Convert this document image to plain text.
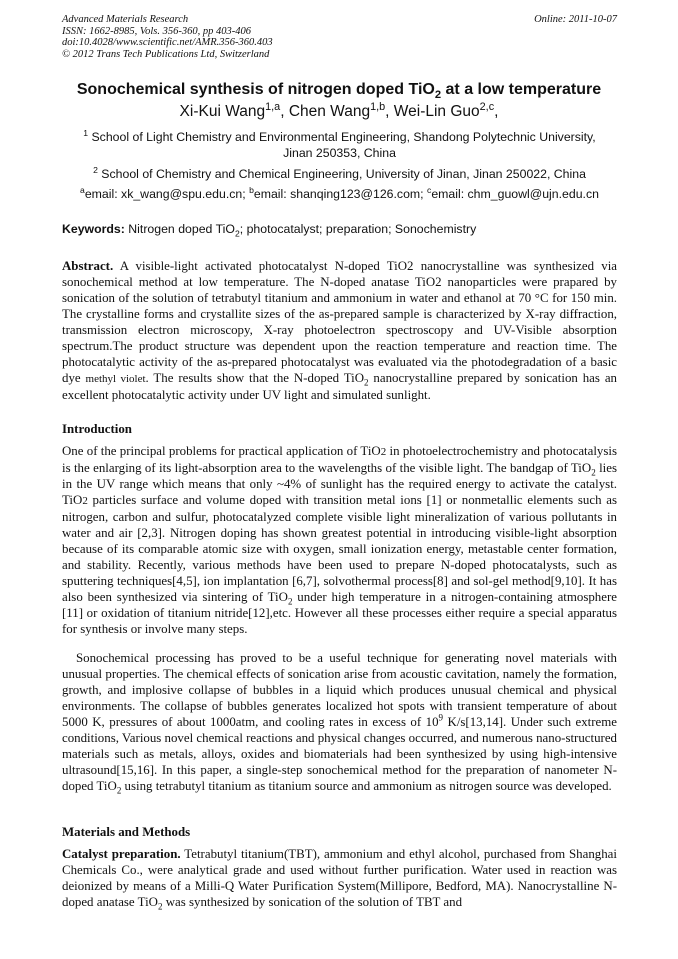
Advanced Materials Research
ISSN: 1662-8985, Vols. 356-360, pp 403-406
doi:10.4028/www.scientific.net/AMR.356-360.403
© 2012 Trans Tech Publications Ltd, Switzerland
Online: 2011-10-07
Sonochemical synthesis of nitrogen doped TiO$_2$ at a low temperature
Xi-Kui Wang$^{1,a}$, Chen Wang$^{1,b}$, Wei-Lin Guo$^{2,c}$,
$^1$ School of Light Chemistry and Environmental Engineering, Shandong Polytechnic University,
Jinan 250353, China
$^2$ School of Chemistry and Chemical Engineering, University of Jinan, Jinan 250022, China
$^a$email: xk_wang@spu.edu.cn; $^b$email: shanqing123@126.com; $^c$email: chm_guowl@ujn.edu.cn
Keywords: Nitrogen doped TiO$_2$; photocatalyst; preparation; Sonochemistry
Abstract. A visible-light activated photocatalyst N-doped TiO2 nanocrystalline was synthesized via sonochemical method at low temperature. The N-doped anatase TiO2 nanoparticles were prapared by sonication of the solution of tetrabutyl titanium and ammonium in water and ethanol at 70 °C for 150 min. The crystalline forms and crystallite sizes of the as-prepared sample is characterized by X-ray diffraction, transmission electron microscopy, X-ray photoelectron spectroscopy and UV-Visible absorption spectrum.The product structure was dependent upon the reaction temperature and reaction time. The photocatalytic activity of the as-prepared photocatalyst was evaluated via the photodegradation of a basic dye methyl violet. The results show that the N-doped TiO$_2$ nanocrystalline prepared by sonication has an excellent photocatalytic activity under UV light and simulated sunlight.
Introduction
One of the principal problems for practical application of TiO2 in photoelectrochemistry and photocatalysis is the enlarging of its light-absorption area to the wavelengths of the visible light. The bandgap of TiO$_2$ lies in the UV range which means that only ~4% of sunlight has the required energy to activate the catalyst. TiO2 particles surface and volume doped with transition metal ions [1] or nonmetallic elements such as nitrogen, carbon and sulfur, photocatalyzed complete visible light mineralization of various pollutants in water and air [2,3]. Nitrogen doping has shown greatest potential in introducing visible-light absorption because of its comparable atomic size with oxygen, small ionization energy, metastable center formation, and stability. Recently, various methods have been used to prepare N-doped photocatalysts, such as sputtering techniques[4,5], ion implantation [6,7], solvothermal process[8] and sol-gel method[9,10]. It has also been synthesized via sintering of TiO$_2$ under high temperature in a nitrogen-containing atmosphere [11] or oxidation of titanium nitride[12],etc. However all these processes either require a special apparatus for synthesis or involve many steps.
Sonochemical processing has proved to be a useful technique for generating novel materials with unusual properties. The chemical effects of sonication arise from acoustic cavitation, namely the formation, growth, and implosive collapse of bubbles in a liquid which produces unusual chemical and physical environments. The collapse of bubbles generates localized hot spots with transient temperature of about 5000 K, pressures of about 1000atm, and cooling rates in excess of $10^9$ K/s[13,14]. Under such extreme conditions, Various novel chemical reactions and physical changes occurred, and numerous nano-structured materials such as metals, alloys, oxides and biomaterials had been synthesized by using high-intensive ultrasound[15,16]. In this paper, a single-step sonochemical method for the preparation of nanometer N-doped TiO$_2$ using tetrabutyl titanium as titanium source and ammonium as nitrogen source was developed.
Materials and Methods
Catalyst preparation. Tetrabutyl titanium(TBT), ammonium and ethyl alcohol, purchased from Shanghai Chemicals Co., were analytical grade and used without further purification. Water used in reaction was deionized by means of a Milli-Q Water Purification System(Millipore, Bedford, MA). Nanocrystalline N-doped anatase TiO$_2$ was synthesized by sonication of the solution of TBT and
